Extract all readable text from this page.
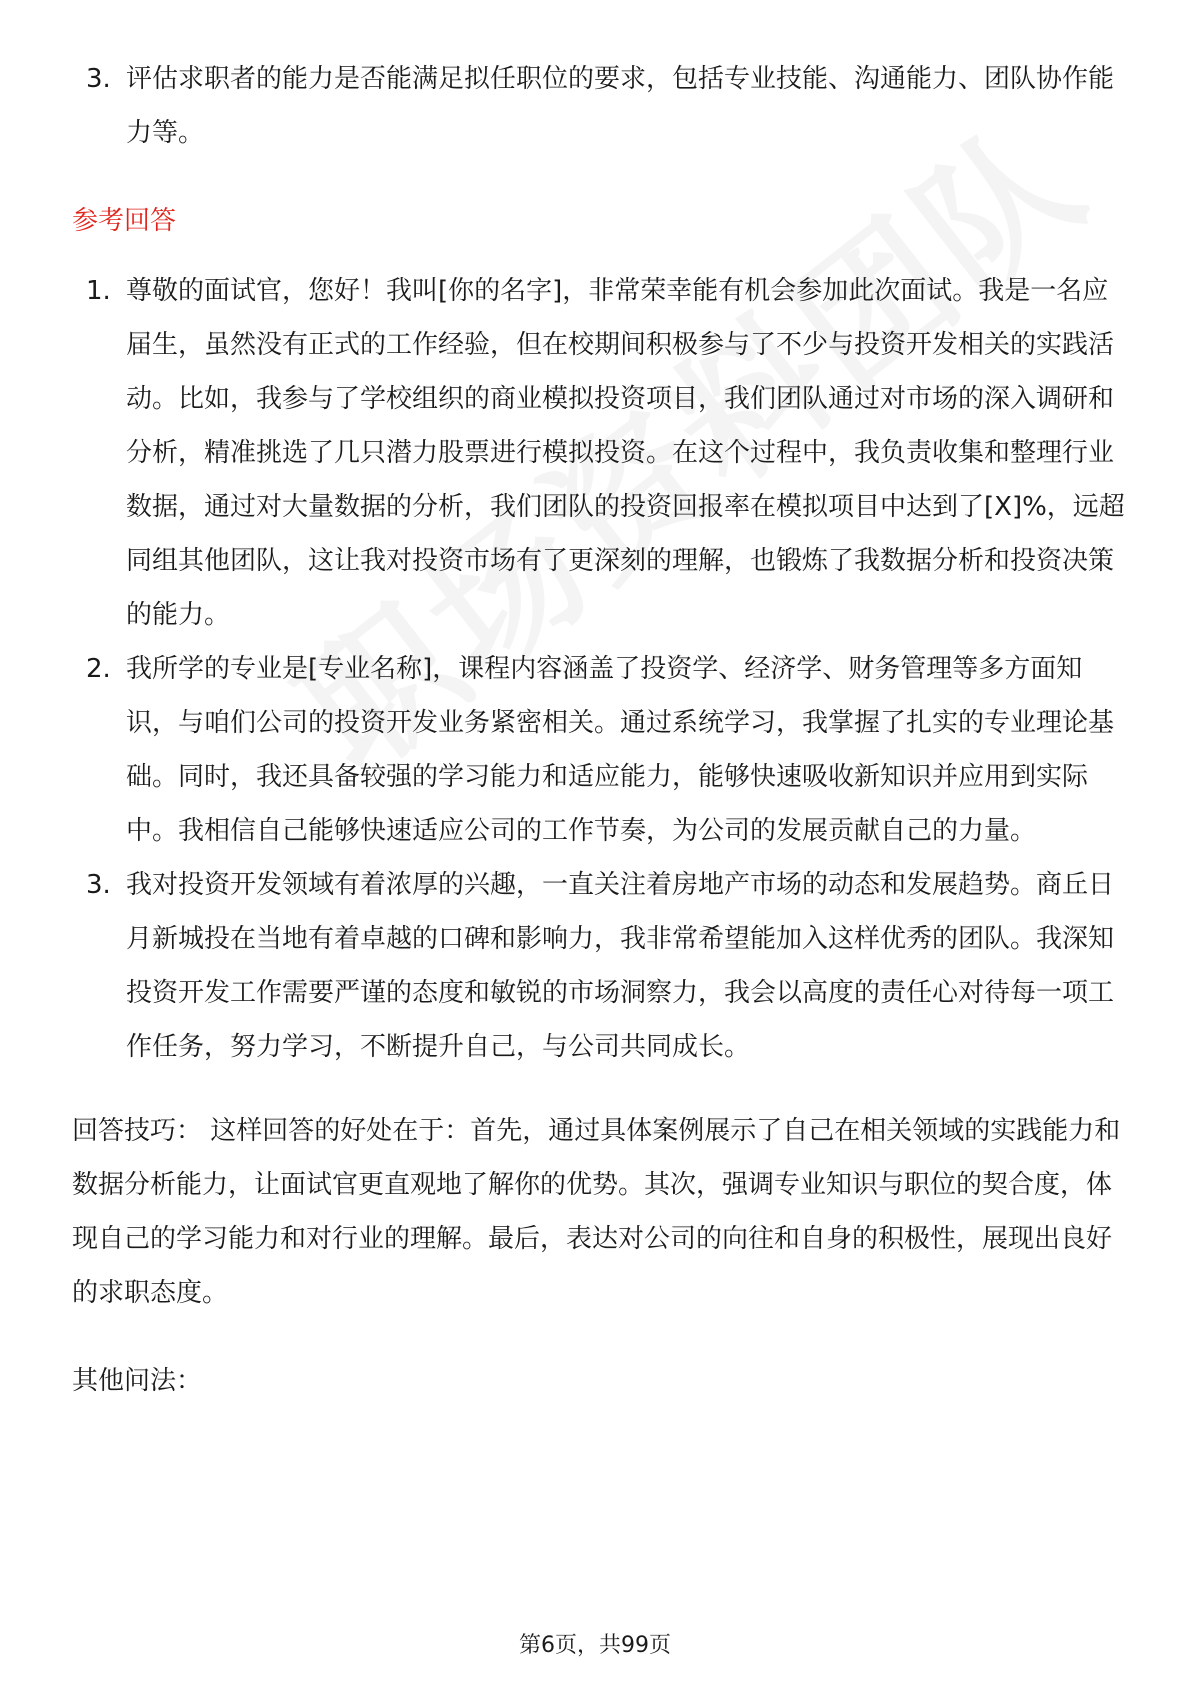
3. 评估求职者的能力是否能满足拟任职位的要求，包括专业技能、沟通能力、团队协作能力等。
参考回答
1. 尊敬的面试官，您好！我叫[你的名字]，非常荣幸能有机会参加此次面试。我是一名应届生，虽然没有正式的工作经验，但在校期间积极参与了不少与投资开发相关的实践活动。比如，我参与了学校组织的商业模拟投资项目，我们团队通过对市场的深入调研和分析，精准挑选了几只潜力股票进行模拟投资。在这个过程中，我负责收集和整理行业数据，通过对大量数据的分析，我们团队的投资回报率在模拟项目中达到了[X]%，远超同组其他团队，这让我对投资市场有了更深刻的理解，也锻炼了我数据分析和投资决策的能力。
2. 我所学的专业是[专业名称]，课程内容涵盖了投资学、经济学、财务管理等多方面知识，与咱们公司的投资开发业务紧密相关。通过系统学习，我掌握了扎实的专业理论基础。同时，我还具备较强的学习能力和适应能力，能够快速吸收新知识并应用到实际中。我相信自己能够快速适应公司的工作节奏，为公司的发展贡献自己的力量。
3. 我对投资开发领域有着浓厚的兴趣，一直关注着房地产市场的动态和发展趋势。商丘日月新城投在当地有着卓越的口碑和影响力，我非常希望能加入这样优秀的团队。我深知投资开发工作需要严谨的态度和敏锐的市场洞察力，我会以高度的责任心对待每一项工作任务，努力学习，不断提升自己，与公司共同成长。

回答技巧： 这样回答的好处在于：首先，通过具体案例展示了自己在相关领域的实践能力和数据分析能力，让面试官更直观地了解你的优势。其次，强调专业知识与职位的契合度，体现自己的学习能力和对行业的理解。最后，表达对公司的向往和自身的积极性，展现出良好的求职态度。

其他问法：

第6页，共99页
